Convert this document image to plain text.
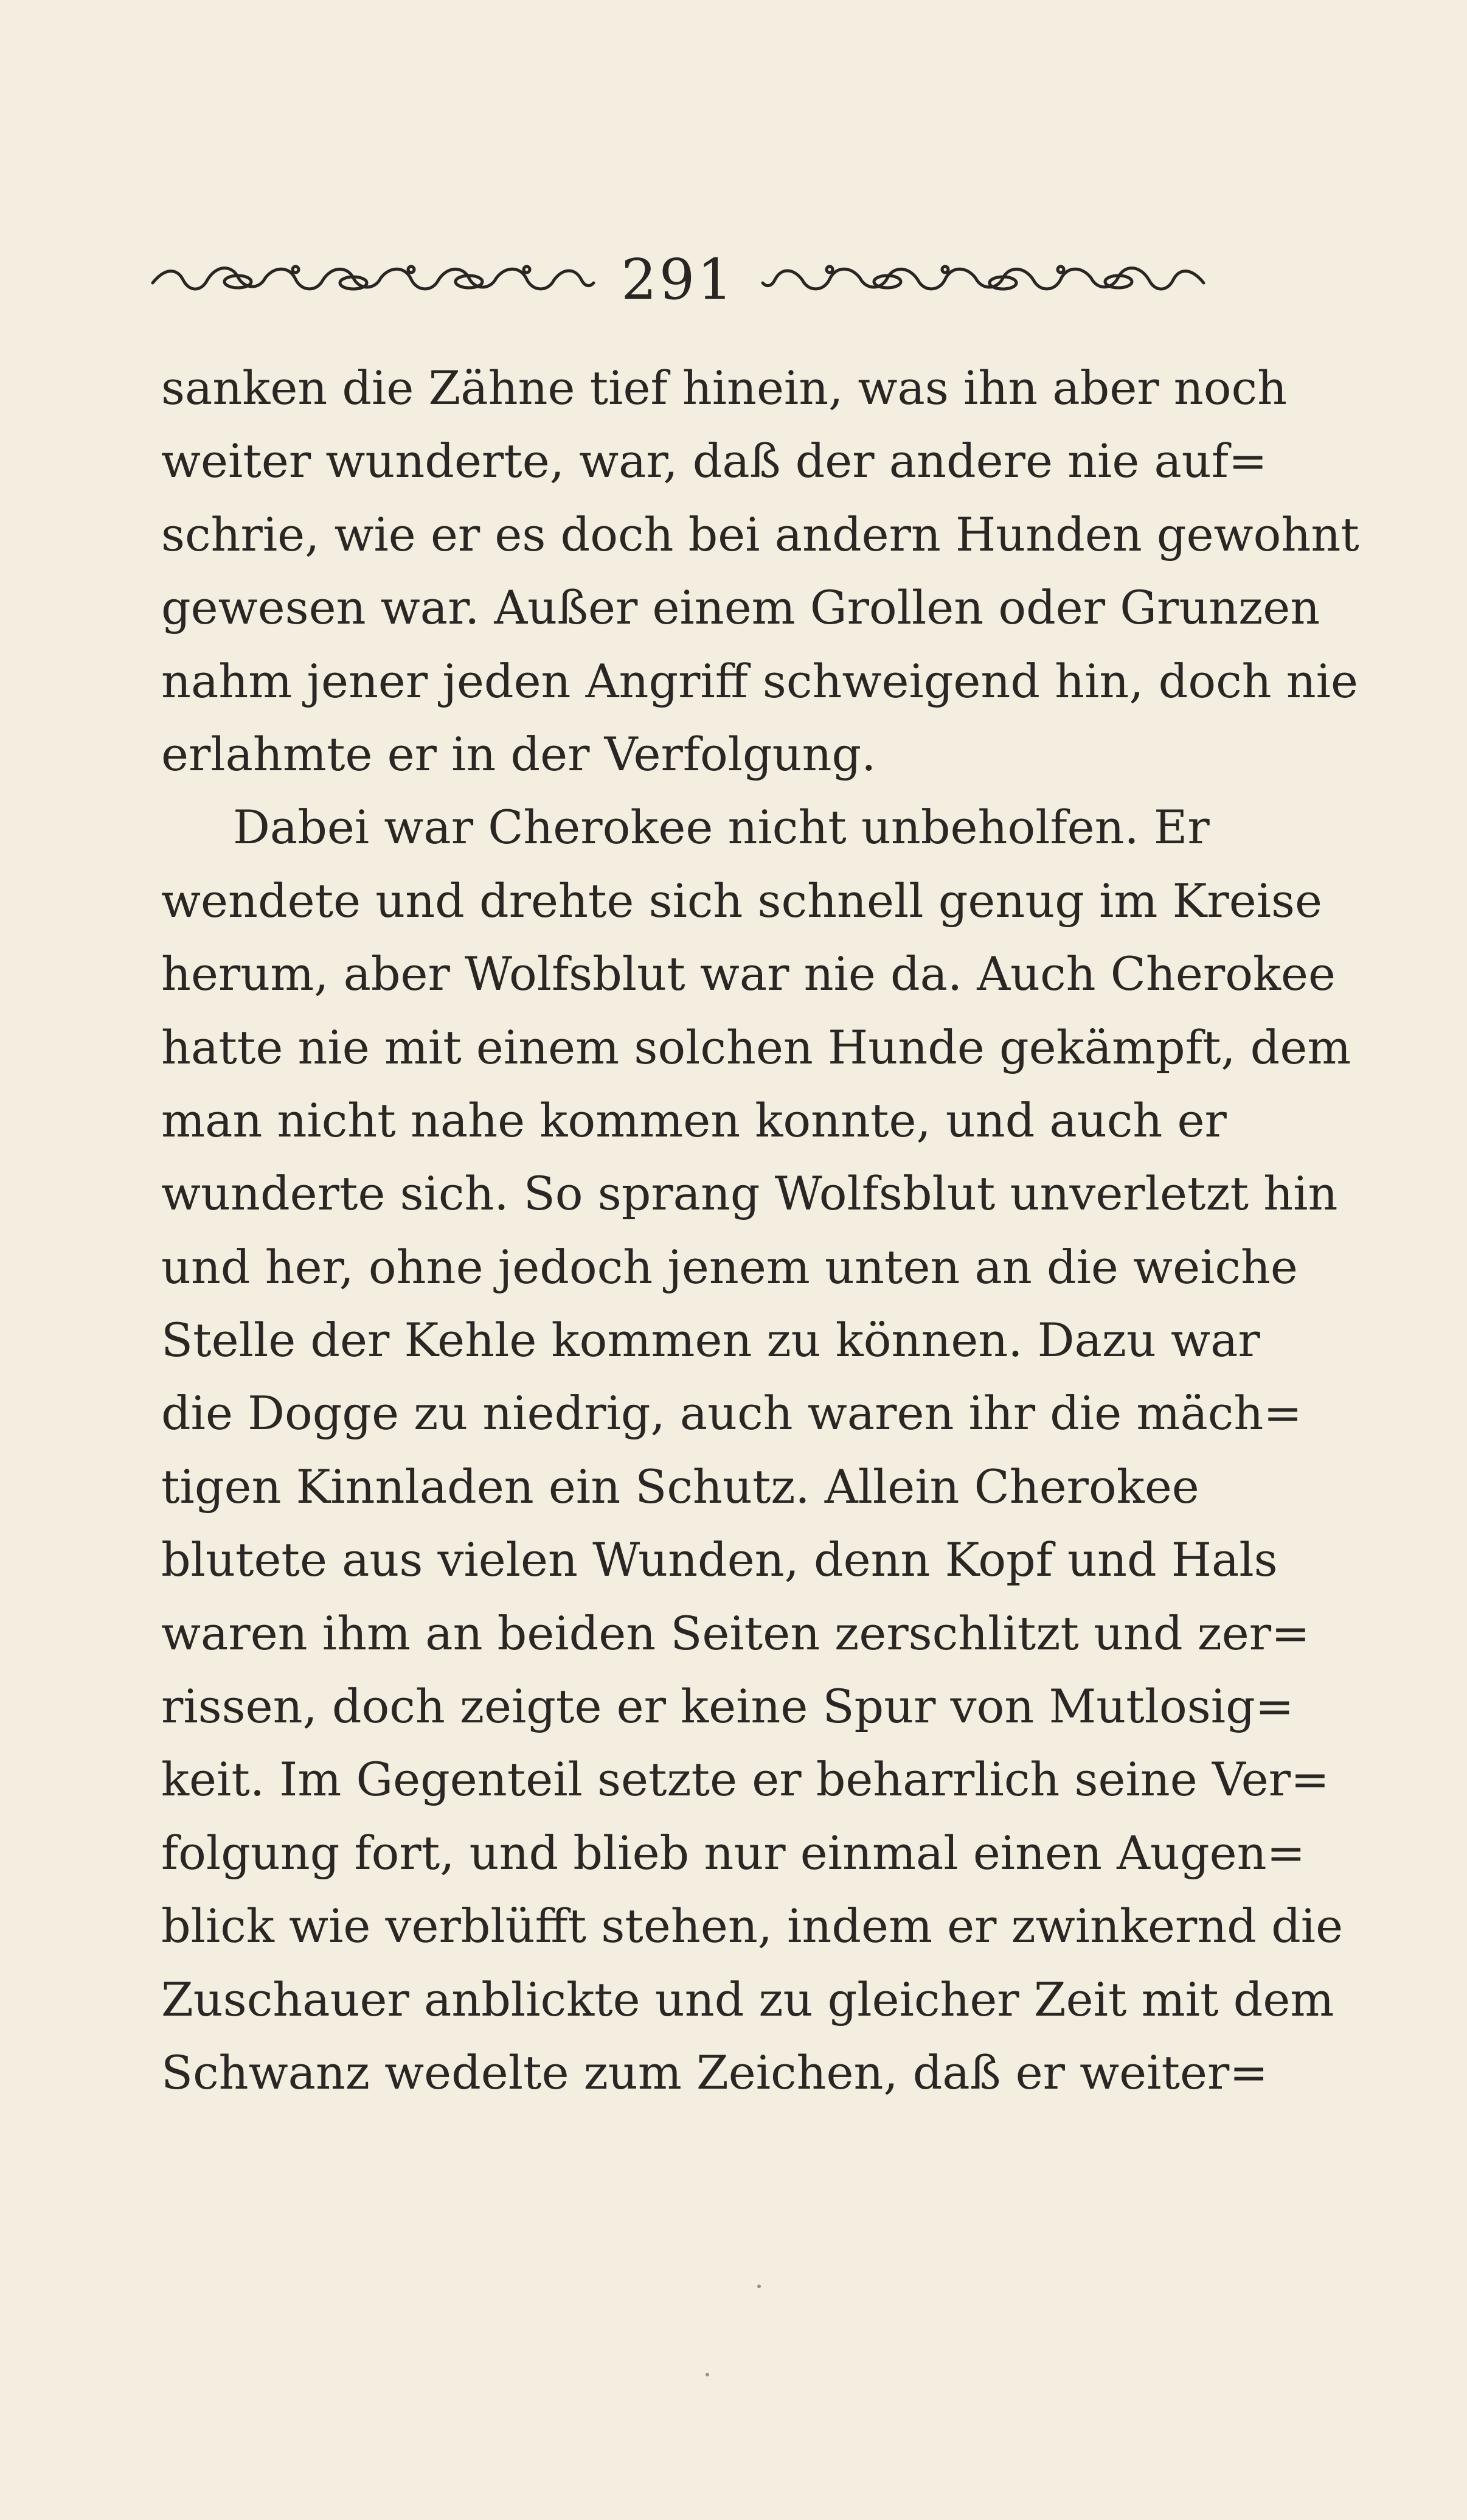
291
sanken die Zähne tief hinein, was ihn aber noch
weiter wunderte, war, daß der andere nie auf=
schrie, wie er es doch bei andern Hunden gewohnt
gewesen war. Außer einem Grollen oder Grunzen
nahm jener jeden Angriff schweigend hin, doch nie
erlahmte er in der Verfolgung.
Dabei war Cherokee nicht unbeholfen. Er
wendete und drehte sich schnell genug im Kreise
herum, aber Wolfsblut war nie da. Auch Cherokee
hatte nie mit einem solchen Hunde gekämpft, dem
man nicht nahe kommen konnte, und auch er
wunderte sich. So sprang Wolfsblut unverletzt hin
und her, ohne jedoch jenem unten an die weiche
Stelle der Kehle kommen zu können. Dazu war
die Dogge zu niedrig, auch waren ihr die mäch=
tigen Kinnladen ein Schutz. Allein Cherokee
blutete aus vielen Wunden, denn Kopf und Hals
waren ihm an beiden Seiten zerschlitzt und zer=
rissen, doch zeigte er keine Spur von Mutlosig=
keit. Im Gegenteil setzte er beharrlich seine Ver=
folgung fort, und blieb nur einmal einen Augen=
blick wie verblüfft stehen, indem er zwinkernd die
Zuschauer anblickte und zu gleicher Zeit mit dem
Schwanz wedelte zum Zeichen, daß er weiter=
